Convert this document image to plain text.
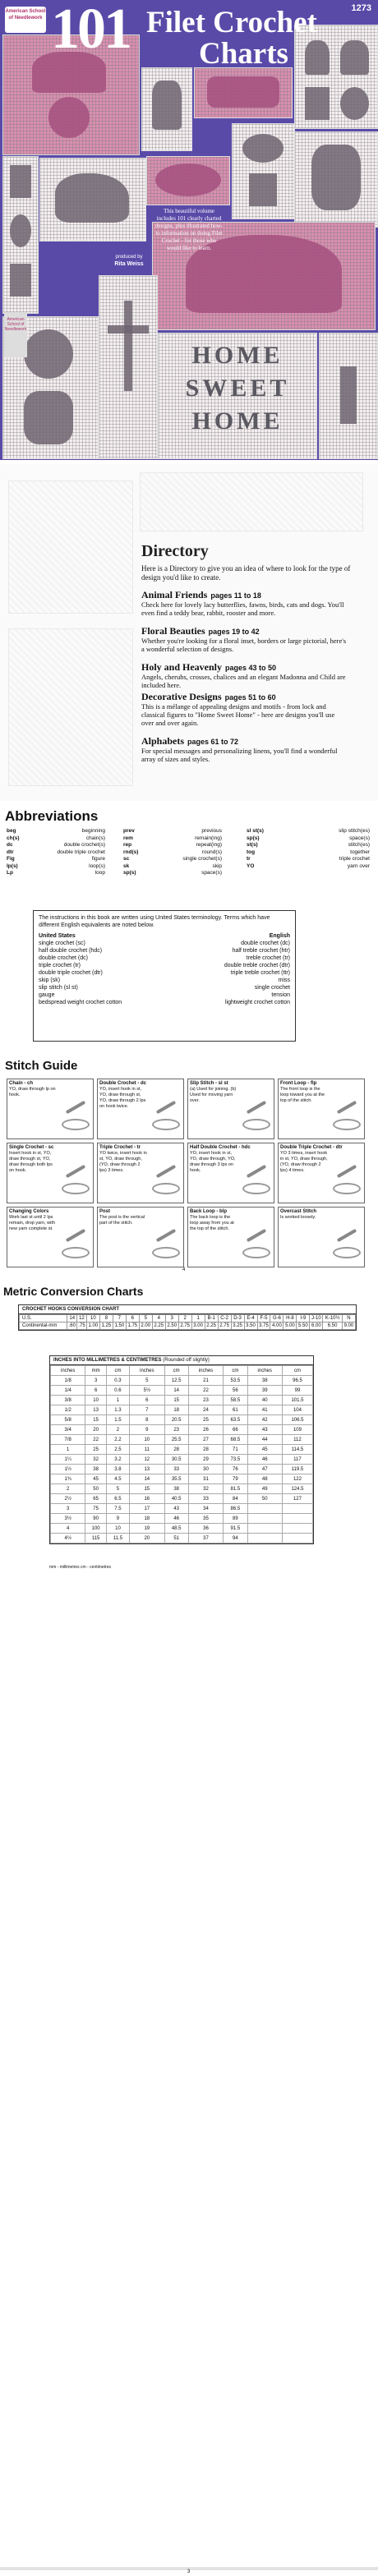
HOME
SWEET
HOME
American School of Needlework 101 Filet Crochet
Charts
1273
This beautiful volume includes 101 clearly charted designs, plus illustrated how-to information on doing Filet Crochet - for those who would like to learn.
produced by
Rita Weiss
American School of Needlework
Directory
Here is a Directory to give you an idea of where to look for the type of design you'd like to create.
Animal Friends pages 11 to 18
Check here for lovely lacy butterflies, fawns, birds, cats and dogs. You'll even find a teddy bear, rabbit, rooster and more.
Floral Beauties pages 19 to 42
Whether you're looking for a floral inset, borders or large pictorial, here's a wonderful selection of designs.
Holy and Heavenly pages 43 to 50
Angels, cherubs, crosses, chalices and an elegant Madonna and Child are included here.
Decorative Designs pages 51 to 60
This is a mélange of appealing designs and motifs - from lock and classical figures to "Home Sweet Home" - here are designs you'll use over and over again.
Alphabets pages 61 to 72
For special messages and personalizing linens, you'll find a wonderful array of sizes and styles.
Abbreviations
beg	beginning
ch(s)	chain(s)
dc	double crochet(s)
dtr	double triple crochet
Fig	figure
Ip(s)	loop(s)
Lp	loop
prev	previous
rem	remain(ing)
rep	repeat(ing)
rnd(s)	round(s)
sc	single crochet(s)
sk	skip
sp(s)	space(s)
sl st(s)	slip stitch(es)
sp(s)	space(s)
st(s)	stitch(es)
tog	together
tr	triple crochet
YO	yarn over
The instructions in this book are written using United States terminology. Terms which have different English equivalents are noted below.
United States	English
single crochet (sc)	double crochet (dc)
half double crochet (hdc)	half treble crochet (htr)
double crochet (dc)	treble crochet (tr)
triple crochet (tr)	double treble crochet (dtr)
double triple crochet (dtr)	triple treble crochet (ttr)
skip (sk)	miss
slip stitch (sl st)	single crochet
gauge	tension
bedspread weight crochet cotton	lightweight crochet cotton
Stitch Guide
Chain - ch
YO, draw through lp on hook.
Double Crochet - dc
YO, insert hook in st, YO, draw through st, YO, draw through 2 lps on hook twice.
Slip Stitch - sl st
(a) Used for joining. (b) Used for moving yarn over.
Front Loop - flp
The front loop is the loop toward you at the top of the stitch.
Single Crochet - sc
Insert hook in st, YO, draw through st, YO, draw through both lps on hook.
Triple Crochet - tr
YO twice, insert hook in st, YO, draw through, (YO, draw through 2 lps) 3 times.
Half Double Crochet - hdc
YO, insert hook in st, YO, draw through, YO, draw through 3 lps on hook.
Double Triple Crochet - dtr
YO 3 times, insert hook in st, YO, draw through, (YO, draw through 2 lps) 4 times.
Changing Colors
Work last st until 2 lps remain, drop yarn, with new yarn complete st.
Post
The post is the vertical part of the stitch.
Back Loop - blp
The back loop is the loop away from you at the top of the stitch.
Overcast Stitch
Is worked loosely.
4
Metric Conversion Charts
CROCHET HOOKS CONVERSION CHART
U.S.	14	12	10	8	7	6	5	4	3	2	1	B-1	C-2	D-3	E-4	F-5	G-6	H-8	I-9	J-10	K-10½	N
Continental-mm	.60	.75	1.00	1.25	1.50	1.75	2.00	2.25	2.50	2.75	3.00	2.25	2.75	3.25	3.50	3.75	4.00	5.00	5.50	6.00	6.50	9.00
INCHES INTO MILLIMETRES & CENTIMETRES (Rounded off slightly)
inches	mm	cm	inches	cm	inches	cm	inches	cm
1/8	3	0.3	5	12.5	21	53.5	38	96.5
1/4	6	0.6	5½	14	22	56	39	99
3/8	10	1	6	15	23	58.5	40	101.5
1/2	13	1.3	7	18	24	61	41	104
5/8	15	1.5	8	20.5	25	63.5	42	106.5
3/4	20	2	9	23	26	66	43	109
7/8	22	2.2	10	25.5	27	68.5	44	112
1	25	2.5	11	28	28	71	45	114.5
1¼	32	3.2	12	30.5	29	73.5	46	117
1½	38	3.8	13	33	30	76	47	119.5
1¾	45	4.5	14	35.5	31	79	48	122
2	50	5	15	38	32	81.5	49	124.5
2½	65	6.5	16	40.5	33	84	50	127
3	75	7.5	17	43	34	86.5		
3½	90	9	18	46	35	89		
4	100	10	19	48.5	36	91.5		
4½	115	11.5	20	51	37	94		
mm - millimetres cm - centimetres
3
